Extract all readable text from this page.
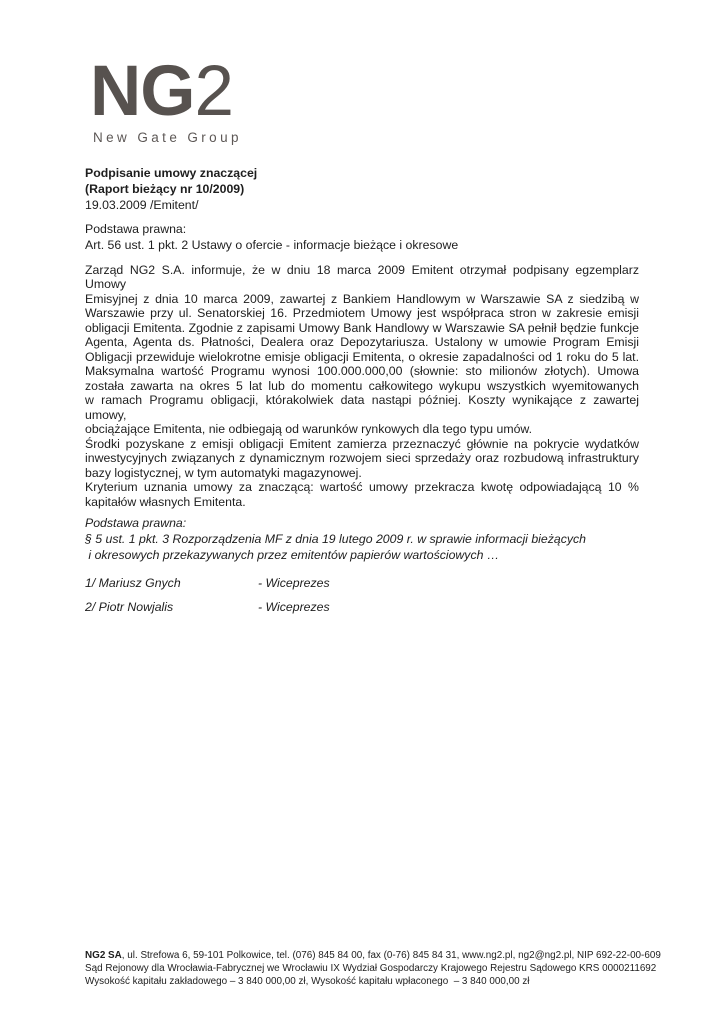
NG2
New Gate Group
Podpisanie umowy znaczącej
(Raport bieżący nr 10/2009)
19.03.2009 /Emitent/
Podstawa prawna:
Art. 56 ust. 1 pkt. 2 Ustawy o ofercie - informacje bieżące i okresowe
Zarząd NG2 S.A. informuje, że w dniu 18 marca 2009 Emitent otrzymał podpisany egzemplarz Umowy
Emisyjnej z dnia 10 marca 2009, zawartej z Bankiem Handlowym w Warszawie SA z siedzibą w
Warszawie przy ul. Senatorskiej 16. Przedmiotem Umowy jest współpraca stron w zakresie emisji
obligacji Emitenta. Zgodnie z zapisami Umowy Bank Handlowy w Warszawie SA pełnił będzie funkcje
Agenta, Agenta ds. Płatności, Dealera oraz Depozytariusza. Ustalony w umowie Program Emisji
Obligacji przewiduje wielokrotne emisje obligacji Emitenta, o okresie zapadalności od 1 roku do 5 lat.
Maksymalna wartość Programu wynosi 100.000.000,00 (słownie: sto milionów złotych). Umowa
została zawarta na okres 5 lat lub do momentu całkowitego wykupu wszystkich wyemitowanych
w ramach Programu obligacji, którakolwiek data nastąpi później. Koszty wynikające z zawartej umowy,
obciążające Emitenta, nie odbiegają od warunków rynkowych dla tego typu umów.
Środki pozyskane z emisji obligacji Emitent zamierza przeznaczyć głównie na pokrycie wydatków
inwestycyjnych związanych z dynamicznym rozwojem sieci sprzedaży oraz rozbudową infrastruktury
bazy logistycznej, w tym automatyki magazynowej.
Kryterium uznania umowy za znaczącą: wartość umowy przekracza kwotę odpowiadającą 10 %
kapitałów własnych Emitenta.
Podstawa prawna:
§ 5 ust. 1 pkt. 3 Rozporządzenia MF z dnia 19 lutego 2009 r. w sprawie informacji bieżących
i okresowych przekazywanych przez emitentów papierów wartościowych …
1/ Mariusz Gnych	- Wiceprezes
2/ Piotr Nowjalis	- Wiceprezes
NG2 SA, ul. Strefowa 6, 59-101 Polkowice, tel. (076) 845 84 00, fax (0-76) 845 84 31, www.ng2.pl, ng2@ng2.pl, NIP 692-22-00-609
Sąd Rejonowy dla Wrocławia-Fabrycznej we Wrocławiu IX Wydział Gospodarczy Krajowego Rejestru Sądowego KRS 0000211692
Wysokość kapitału zakładowego – 3 840 000,00 zł, Wysokość kapitału wpłaconego  – 3 840 000,00 zł
